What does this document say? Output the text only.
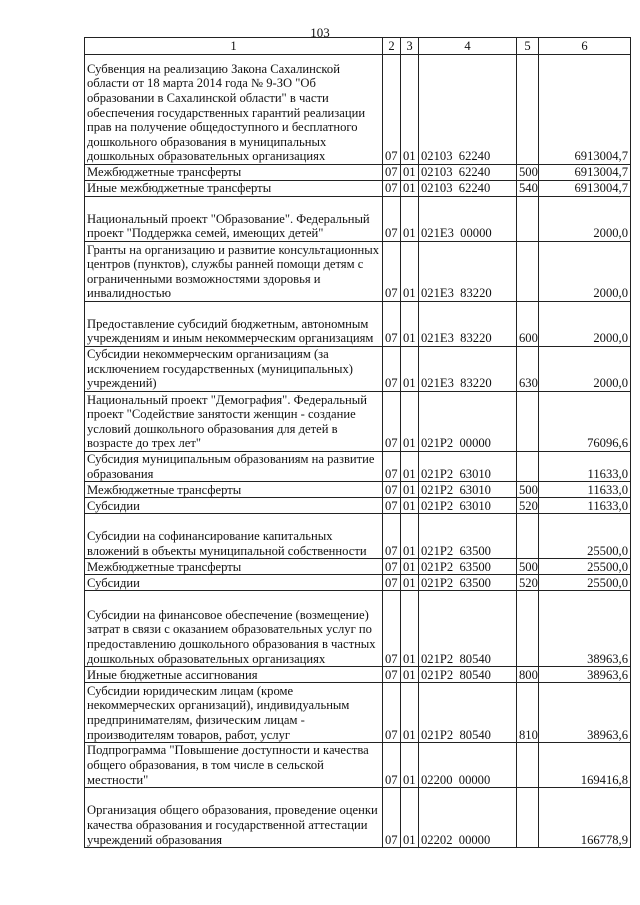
103
1	2	3	4	5	6
Субвенция на реализацию Закона Сахалинской области от 18 марта 2014 года № 9-ЗО "Об образовании в Сахалинской области" в части обеспечения государственных гарантий реализации прав на получение общедоступного и бесплатного дошкольного образования в муниципальных дошкольных образовательных организациях	07	01	02103  62240		6913004,7
Межбюджетные трансферты	07	01	02103  62240	500	6913004,7
Иные межбюджетные трансферты	07	01	02103  62240	540	6913004,7
Национальный проект "Образование". Федеральный проект "Поддержка семей, имеющих детей"	07	01	021Е3  00000		2000,0
Гранты на организацию и развитие консультационных центров (пунктов), службы ранней помощи детям с ограниченными возможностями здоровья и инвалидностью	07	01	021Е3  83220		2000,0
Предоставление субсидий бюджетным, автономным учреждениям и иным некоммерческим организациям	07	01	021Е3  83220	600	2000,0
Субсидии некоммерческим организациям (за исключением государственных (муниципальных) учреждений)	07	01	021Е3  83220	630	2000,0
Национальный проект "Демография". Федеральный проект "Содействие занятости женщин - создание условий дошкольного образования для детей в возрасте до трех лет"	07	01	021Р2  00000		76096,6
Субсидия муниципальным образованиям на развитие образования	07	01	021Р2  63010		11633,0
Межбюджетные трансферты	07	01	021Р2  63010	500	11633,0
Субсидии	07	01	021Р2  63010	520	11633,0
Субсидии на софинансирование капитальных вложений в объекты муниципальной собственности	07	01	021Р2  63500		25500,0
Межбюджетные трансферты	07	01	021Р2  63500	500	25500,0
Субсидии	07	01	021Р2  63500	520	25500,0
Субсидии на финансовое обеспечение (возмещение) затрат в связи с оказанием образовательных услуг по предоставлению дошкольного образования в частных дошкольных образовательных организациях	07	01	021Р2  80540		38963,6
Иные бюджетные ассигнования	07	01	021Р2  80540	800	38963,6
Субсидии юридическим лицам (кроме некоммерческих организаций), индивидуальным предпринимателям, физическим лицам - производителям товаров, работ, услуг	07	01	021Р2  80540	810	38963,6
Подпрограмма "Повышение доступности и качества общего образования, в том числе в сельской местности"	07	01	02200  00000		169416,8
Организация общего образования, проведение оценки качества образования и государственной аттестации учреждений образования	07	01	02202  00000		166778,9
